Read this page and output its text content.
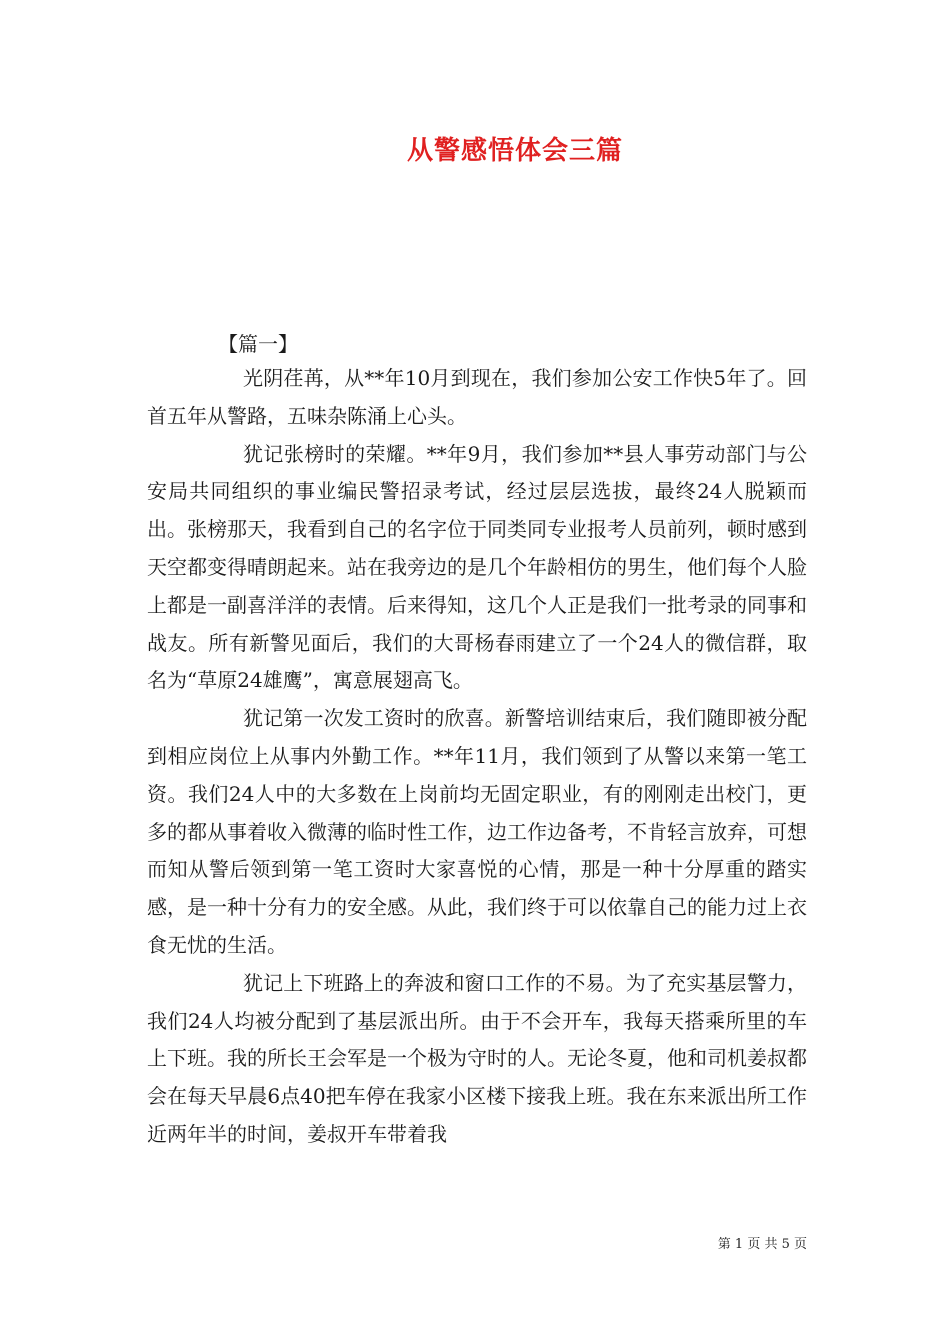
从警感悟体会三篇
【篇一】

光阴荏苒，从**年10月到现在，我们参加公安工作快5年了。回首五年从警路，五味杂陈涌上心头。

犹记张榜时的荣耀。**年9月，我们参加**县人事劳动部门与公安局共同组织的事业编民警招录考试，经过层层选拔，最终24人脱颖而出。张榜那天，我看到自己的名字位于同类同专业报考人员前列，顿时感到天空都变得晴朗起来。站在我旁边的是几个年龄相仿的男生，他们每个人脸上都是一副喜洋洋的表情。后来得知，这几个人正是我们一批考录的同事和战友。所有新警见面后，我们的大哥杨春雨建立了一个24人的微信群，取名为“草原24雄鹰”，寓意展翅高飞。

犹记第一次发工资时的欣喜。新警培训结束后，我们随即被分配到相应岗位上从事内外勤工作。**年11月，我们领到了从警以来第一笔工资。我们24人中的大多数在上岗前均无固定职业，有的刚刚走出校门，更多的都从事着收入微薄的临时性工作，边工作边备考，不肯轻言放弃，可想而知从警后领到第一笔工资时大家喜悦的心情，那是一种十分厚重的踏实感，是一种十分有力的安全感。从此，我们终于可以依靠自己的能力过上衣食无忧的生活。

犹记上下班路上的奔波和窗口工作的不易。为了充实基层警力，我们24人均被分配到了基层派出所。由于不会开车，我每天搭乘所里的车上下班。我的所长王会军是一个极为守时的人。无论冬夏，他和司机姜叔都会在每天早晨6点40把车停在我家小区楼下接我上班。我在东来派出所工作近两年半的时间，姜叔开车带着我

第 1 页 共 5 页
